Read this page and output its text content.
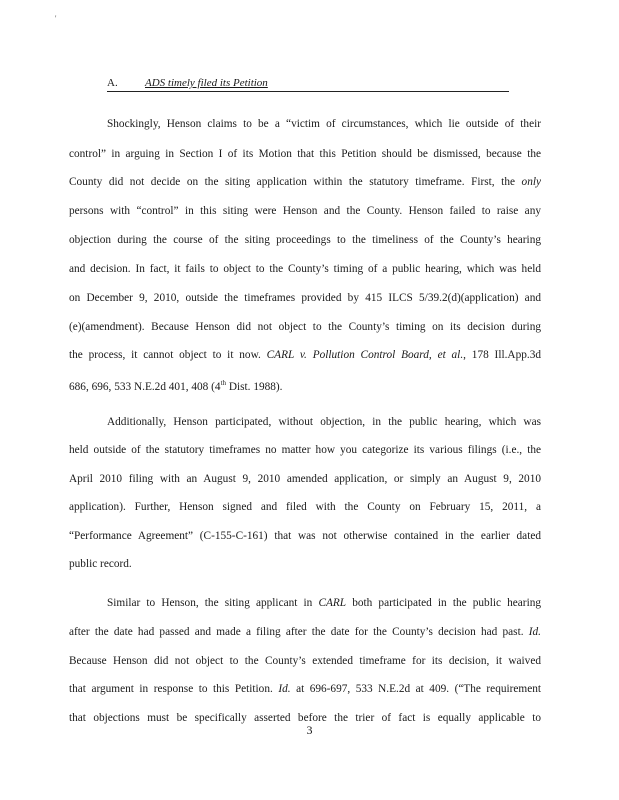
'
A. ADS timely filed its Petition
Shockingly, Henson claims to be a “victim of circumstances, which lie outside of their
control” in arguing in Section I of its Motion that this Petition should be dismissed, because the
County did not decide on the siting application within the statutory timeframe. First, the only
persons with “control” in this siting were Henson and the County. Henson failed to raise any
objection during the course of the siting proceedings to the timeliness of the County’s hearing
and decision. In fact, it fails to object to the County’s timing of a public hearing, which was held
on December 9, 2010, outside the timeframes provided by 415 ILCS 5/39.2(d)(application) and
(e)(amendment). Because Henson did not object to the County’s timing on its decision during
the process, it cannot object to it now. CARL v. Pollution Control Board, et al., 178 Ill.App.3d
686, 696, 533 N.E.2d 401, 408 (4th Dist. 1988).
Additionally, Henson participated, without objection, in the public hearing, which was
held outside of the statutory timeframes no matter how you categorize its various filings (i.e., the
April 2010 filing with an August 9, 2010 amended application, or simply an August 9, 2010
application). Further, Henson signed and filed with the County on February 15, 2011, a
“Performance Agreement” (C-155-C-161) that was not otherwise contained in the earlier dated
public record.
Similar to Henson, the siting applicant in CARL both participated in the public hearing
after the date had passed and made a filing after the date for the County’s decision had past. Id.
Because Henson did not object to the County’s extended timeframe for its decision, it waived
that argument in response to this Petition. Id. at 696-697, 533 N.E.2d at 409. (“The requirement
that objections must be specifically asserted before the trier of fact is equally applicable to
3
